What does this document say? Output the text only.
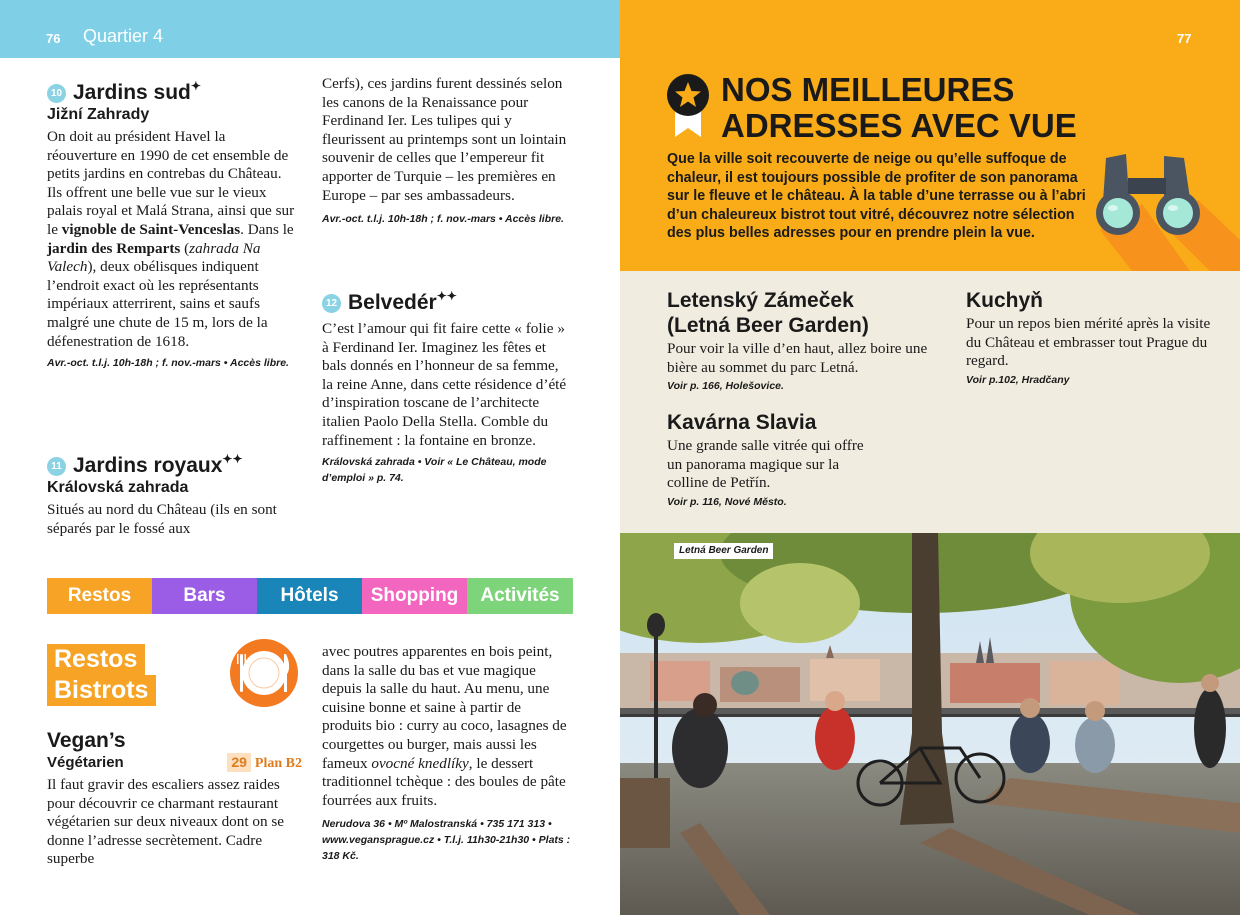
76 Quartier 4
10 Jardins sud✦
Jižní Zahrady
On doit au président Havel la réouverture en 1990 de cet ensemble de petits jardins en contrebas du Château. Ils offrent une belle vue sur le vieux palais royal et Malá Strana, ainsi que sur le vignoble de Saint-Venceslas. Dans le jardin des Remparts (zahrada Na Valech), deux obélisques indiquent l’endroit exact où les représentants impériaux atterrirent, sains et saufs malgré une chute de 15 m, lors de la défenestration de 1618.
Avr.-oct. t.l.j. 10h-18h ; f. nov.-mars • Accès libre.
11 Jardins royaux✦✦
Královská zahrada
Situés au nord du Château (ils en sont séparés par le fossé aux
Cerfs), ces jardins furent dessinés selon les canons de la Renaissance pour Ferdinand Ier. Les tulipes qui y fleurissent au printemps sont un lointain souvenir de celles que l’empereur fit apporter de Turquie – les premières en Europe – par ses ambassadeurs.
Avr.-oct. t.l.j. 10h-18h ; f. nov.-mars • Accès libre.
12 Belvedér✦✦
C’est l’amour qui fit faire cette « folie » à Ferdinand Ier. Imaginez les fêtes et bals donnés en l’honneur de sa femme, la reine Anne, dans cette résidence d’été d’inspiration toscane de l’architecte italien Paolo Della Stella. Comble du raffinement : la fontaine en bronze.
Královská zahrada • Voir « Le Château, mode d’emploi » p. 74.
Restos	Bars	Hôtels	Shopping	Activités
Restos
Bistrots
Vegan’s
Végétarien	29 Plan B2
Il faut gravir des escaliers assez raides pour découvrir ce charmant restaurant végétarien sur deux niveaux dont on se donne l’adresse secrètement. Cadre superbe
avec poutres apparentes en bois peint, dans la salle du bas et vue magique depuis la salle du haut. Au menu, une cuisine bonne et saine à partir de produits bio : curry au coco, lasagnes de courgettes ou burger, mais aussi les fameux ovocné knedlíky, le dessert traditionnel tchèque : des boules de pâte fourrées aux fruits.
Nerudova 36 • Mº Malostranská • 735 171 313 • www.vegansprague.cz • T.l.j. 11h30-21h30 • Plats : 318 Kč.
77
NOS MEILLEURES
ADRESSES AVEC VUE
Que la ville soit recouverte de neige ou qu’elle suffoque de chaleur, il est toujours possible de profiter de son panorama sur le fleuve et le château. À la table d’une terrasse ou à l’abri d’un chaleureux bistrot tout vitré, découvrez notre sélection des plus belles adresses pour en prendre plein la vue.
Letenský Zámeček
(Letná Beer Garden)
Pour voir la ville d’en haut, allez boire une bière au sommet du parc Letná.
Voir p. 166, Holešovice.
Kavárna Slavia
Une grande salle vitrée qui offre un panorama magique sur la colline de Petřín.
Voir p. 116, Nové Město.
Kuchyň
Pour un repos bien mérité après la visite du Château et embrasser tout Prague du regard.
Voir p.102, Hradčany
Letná Beer Garden
